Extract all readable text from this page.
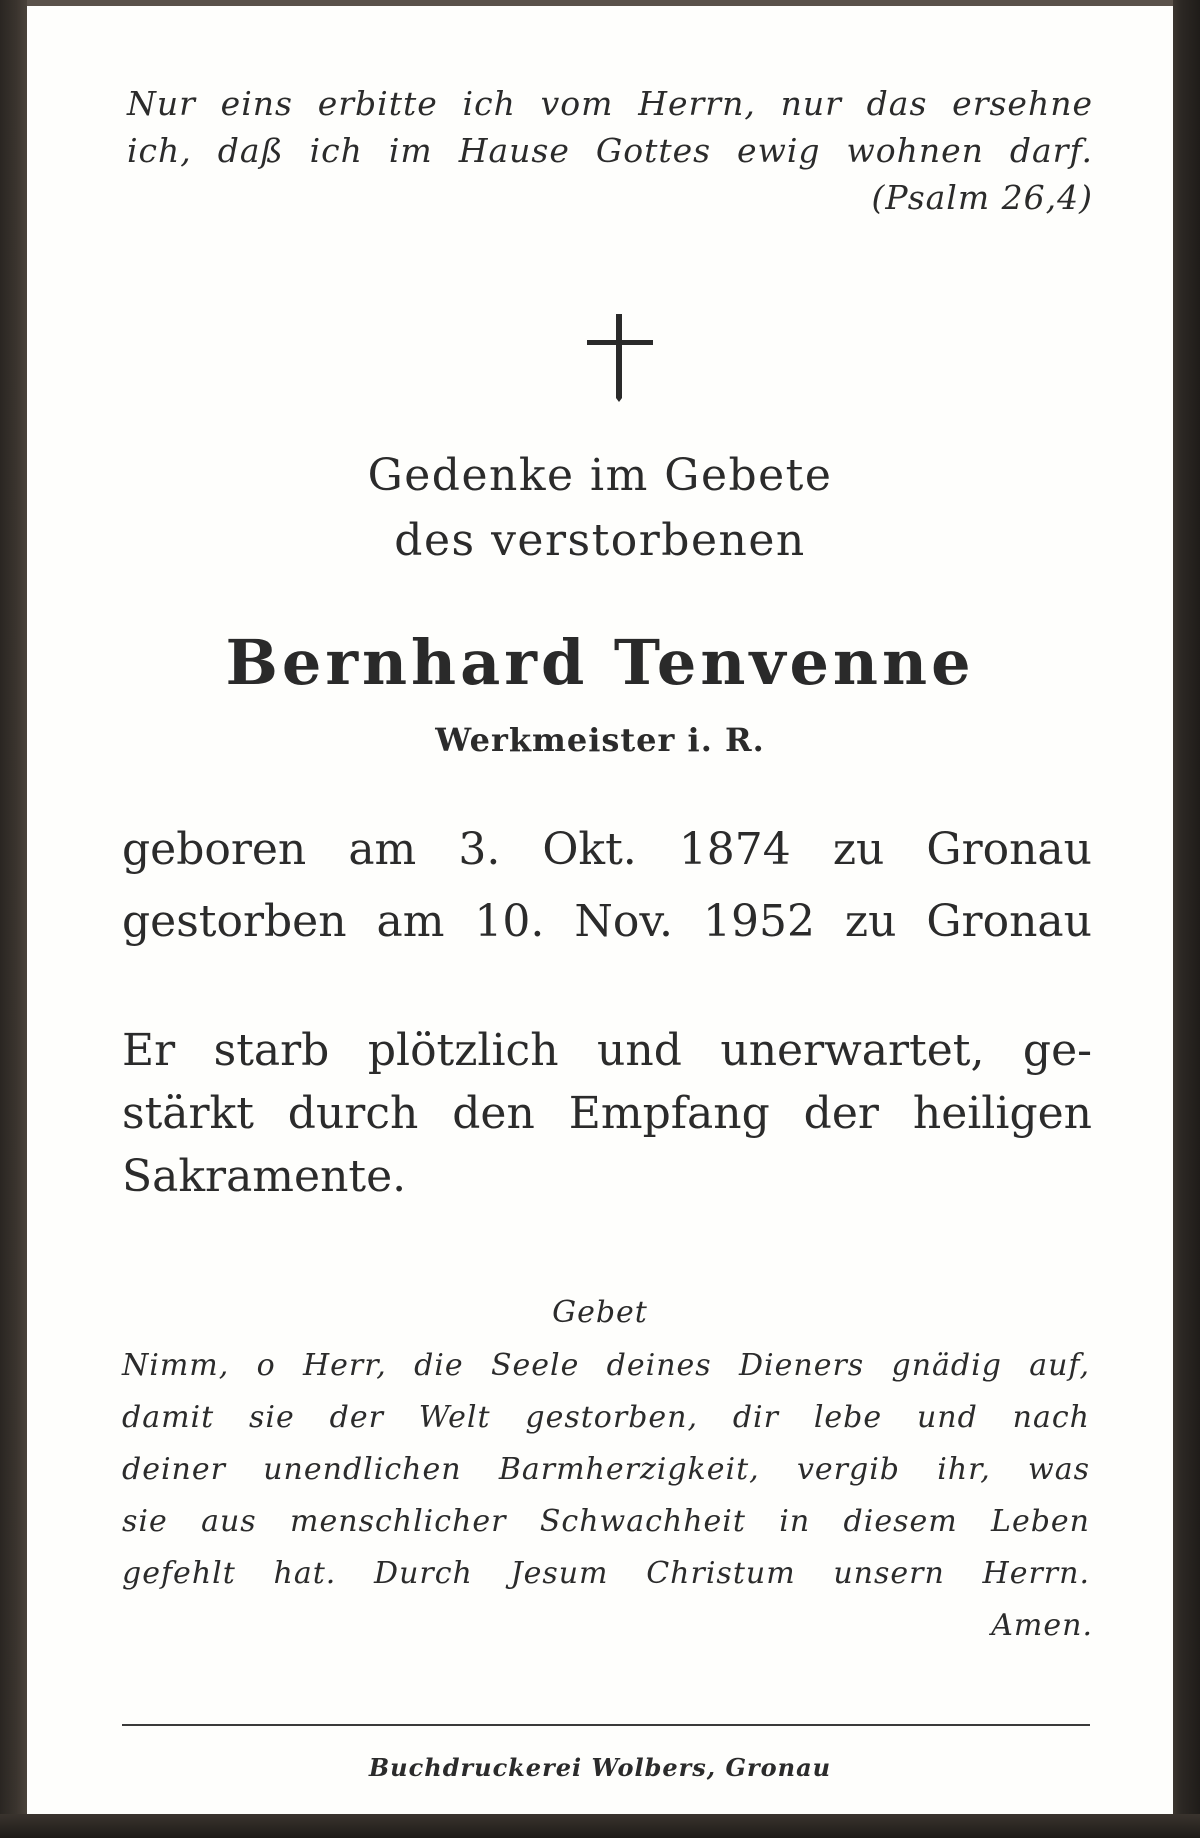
Nur eins erbitte ich vom Herrn, nur das ersehne

ich, daß ich im Hause Gottes ewig wohnen darf.

(Psalm 26,4)

Gedenke im Gebete

des verstorbenen

Bernhard Tenvenne

Werkmeister i. R.

geboren am 3. Okt. 1874 zu Gronau

gestorben am 10. Nov. 1952 zu Gronau

Er starb plötzlich und unerwartet, ge-

stärkt durch den Empfang der heiligen

Sakramente.

Gebet

Nimm, o Herr, die Seele deines Dieners gnädig auf,

damit sie der Welt gestorben, dir lebe und nach

deiner unendlichen Barmherzigkeit, vergib ihr, was

sie aus menschlicher Schwachheit in diesem Leben

gefehlt hat. Durch Jesum Christum unsern Herrn.

Amen.

Buchdruckerei Wolbers, Gronau
